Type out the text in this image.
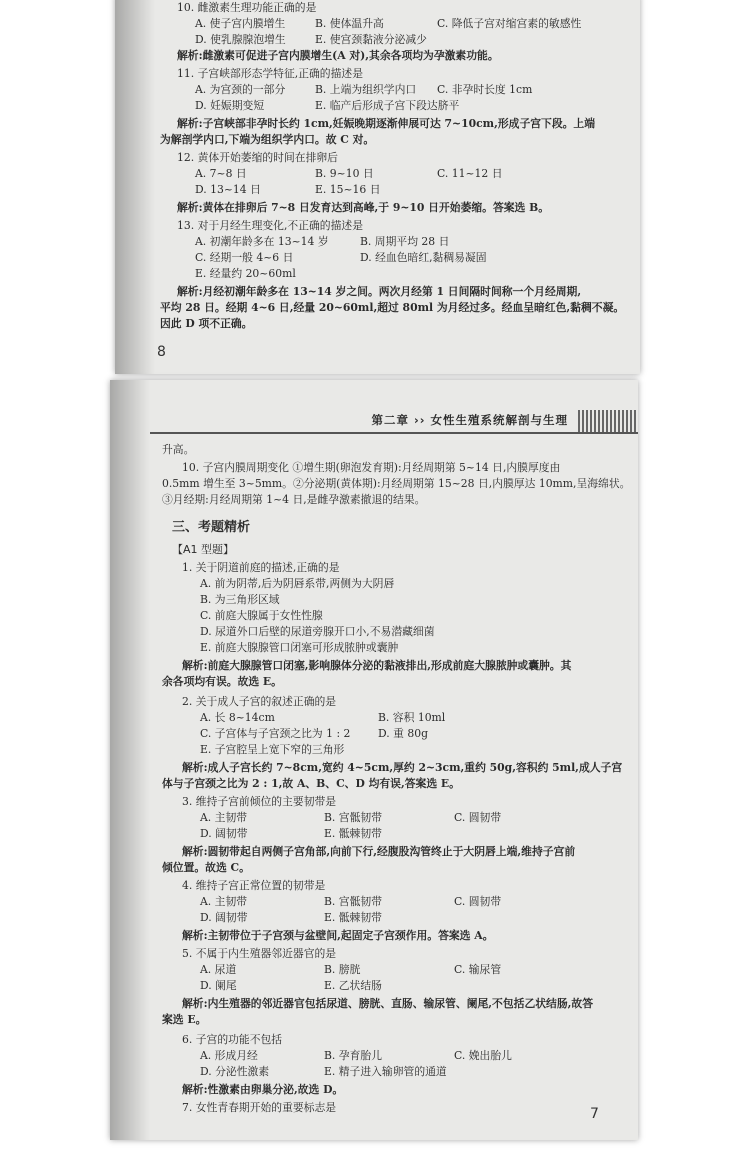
10. 雌激素生理功能正确的是
A. 使子宫内膜增生	B. 使体温升高	C. 降低子宫对缩宫素的敏感性
D. 使乳腺腺泡增生	E. 使宫颈黏液分泌减少
解析:雌激素可促进子宫内膜增生(A 对),其余各项均为孕激素功能。
11. 子宫峡部形态学特征,正确的描述是
A. 为宫颈的一部分	B. 上端为组织学内口 C. 非孕时长度 1cm
D. 妊娠期变短	E. 临产后形成子宫下段达脐平
解析:子宫峡部非孕时长约 1cm,妊娠晚期逐渐伸展可达 7~10cm,形成子宫下段。上端
为解剖学内口,下端为组织学内口。故 C 对。
12. 黄体开始萎缩的时间在排卵后
A. 7~8 日	B. 9~10 日	C. 11~12 日
D. 13~14 日	E. 15~16 日
解析:黄体在排卵后 7~8 日发育达到高峰,于 9~10 日开始萎缩。答案选 B。
13. 对于月经生理变化,不正确的描述是
A. 初潮年龄多在 13~14 岁	B. 周期平均 28 日
C. 经期一般 4~6 日	D. 经血色暗红,黏稠易凝固
E. 经量约 20~60ml
解析:月经初潮年龄多在 13~14 岁之间。两次月经第 1 日间隔时间称一个月经周期,
平均 28 日。经期 4~6 日,经量 20~60ml,超过 80ml 为月经过多。经血呈暗红色,黏稠不凝。
因此 D 项不正确。
8
第二章 ›› 女性生殖系统解剖与生理
升高。
10. 子宫内膜周期变化 ①增生期(卵泡发育期):月经周期第 5~14 日,内膜厚度由
0.5mm 增生至 3~5mm。②分泌期(黄体期):月经周期第 15~28 日,内膜厚达 10mm,呈海绵状。
③月经期:月经周期第 1~4 日,是雌孕激素撤退的结果。
三、考题精析
【A1 型题】
1. 关于阴道前庭的描述,正确的是
A. 前为阴蒂,后为阴唇系带,两侧为大阴唇
B. 为三角形区域
C. 前庭大腺属于女性性腺
D. 尿道外口后壁的尿道旁腺开口小,不易潜藏细菌
E. 前庭大腺腺管口闭塞可形成脓肿或囊肿
解析:前庭大腺腺管口闭塞,影响腺体分泌的黏液排出,形成前庭大腺脓肿或囊肿。其
余各项均有误。故选 E。
2. 关于成人子宫的叙述正确的是
A. 长 8~14cm	B. 容积 10ml
C. 子宫体与子宫颈之比为 1 : 2	D. 重 80g
E. 子宫腔呈上宽下窄的三角形
解析:成人子宫长约 7~8cm,宽约 4~5cm,厚约 2~3cm,重约 50g,容积约 5ml,成人子宫
体与子宫颈之比为 2 : 1,故 A、B、C、D 均有误,答案选 E。
3. 维持子宫前倾位的主要韧带是
A. 主韧带	B. 宫骶韧带	C. 圆韧带
D. 阔韧带	E. 骶棘韧带
解析:圆韧带起自两侧子宫角部,向前下行,经腹股沟管终止于大阴唇上端,维持子宫前
倾位置。故选 C。
4. 维持子宫正常位置的韧带是
A. 主韧带	B. 宫骶韧带	C. 圆韧带
D. 阔韧带	E. 骶棘韧带
解析:主韧带位于子宫颈与盆壁间,起固定子宫颈作用。答案选 A。
5. 不属于内生殖器邻近器官的是
A. 尿道	B. 膀胱	C. 输尿管
D. 阑尾	E. 乙状结肠
解析:内生殖器的邻近器官包括尿道、膀胱、直肠、输尿管、阑尾,不包括乙状结肠,故答
案选 E。
6. 子宫的功能不包括
A. 形成月经	B. 孕育胎儿	C. 娩出胎儿
D. 分泌性激素	E. 精子进入输卵管的通道
解析:性激素由卵巢分泌,故选 D。
7. 女性青春期开始的重要标志是	7
